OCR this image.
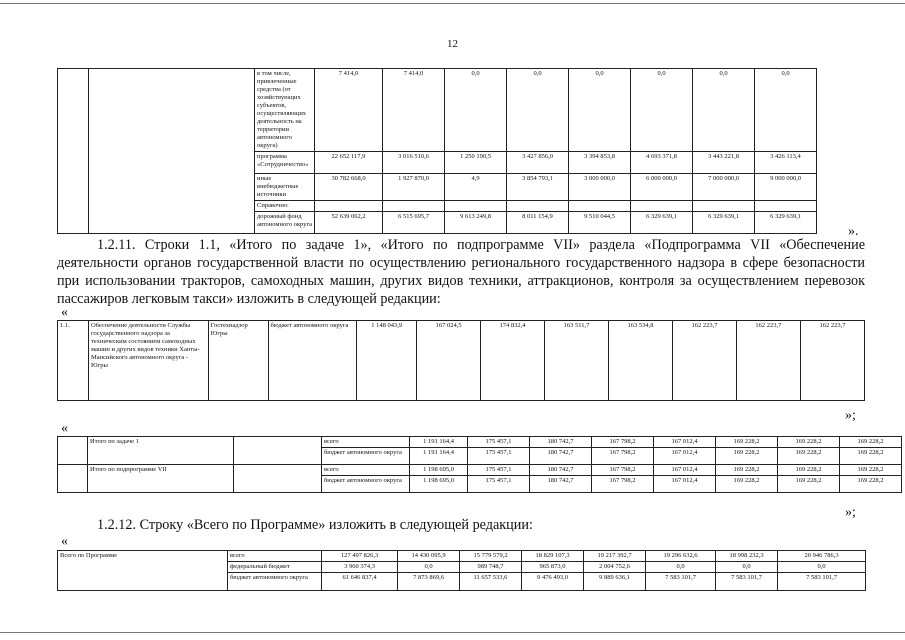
12
		в том числе, привлеченные средства (от хозяйствующих субъектов, осуществляющих деятельность на территории автономного округа)	7 414,0	7 414,0	0,0	0,0	0,0	0,0	0,0	0,0
		программа «Сотрудничество»	22 652 117,9	3 016 510,6	1 250 190,5	3 427 856,0	3 394 853,8	4 693 371,8	3 443 221,8	3 426 113,4
		иные внебюджетные источники	30 782 668,0	1 927 870,0	4,9	3 854 793,1	3 000 000,0	6 000 000,0	7 000 000,0	9 000 000,0
		Справочно:								
		дорожный фонд автономного округа	52 639 062,2	6 515 695,7	9 613 249,8	8 011 154,9	9 510 044,5	6 329 639,1	6 329 639,1	6 329 639,1
».
1.2.11. Строки 1.1, «Итого по задаче 1», «Итого по подпрограмме VII» раздела «Подпрограмма VII «Обеспечение деятельности органов государственной власти по осуществлению регионального государственного надзора в сфере безопасности при использовании тракторов, самоходных машин, других видов техники, аттракционов, контроля за осуществлением перевозок пассажиров легковым такси» изложить в следующей редакции:
«
1.1.	Обеспечение деятельности Службы государственного надзора за техническим состоянием самоходных машин и других видов техники Ханты-Мансийского автономного округа - Югры	Гостехнадзор Югры	бюджет автономного округа	1 148 043,9	167 024,5	174 832,4	163 511,7	163 534,8	162 223,7	162 223,7	162 223,7
»;
«
	Итого по задаче 1		всего	1 191 164,4	175 457,1	180 742,7	167 798,2	167 012,4	169 228,2	169 228,2	169 228,2
			бюджет автономного округа	1 191 164,4	175 457,1	180 742,7	167 798,2	167 012,4	169 228,2	169 228,2	169 228,2
	Итого по подпрограмме VII		всего	1 198 695,0	175 457,1	180 742,7	167 798,2	167 012,4	169 228,2	169 228,2	169 228,2
			бюджет автономного округа	1 198 695,0	175 457,1	180 742,7	167 798,2	167 012,4	169 228,2	169 228,2	169 228,2
»;
1.2.12. Строку «Всего по Программе» изложить в следующей редакции:
«
Всего по Программе	всего	127 497 826,3	14 430 095,9	15 779 579,2	18 829 107,3	19 217 392,7	19 296 632,6	18 998 232,3	20 946 786,3
	федеральный бюджет	3 960 374,3	0,0	989 748,7	965 873,0	2 004 752,6	0,0	0,0	0,0
	бюджет автономного округа	61 646 837,4	7 873 869,6	11 657 533,6	9 476 493,0	9 889 636,1	7 583 101,7	7 583 101,7	7 583 101,7
